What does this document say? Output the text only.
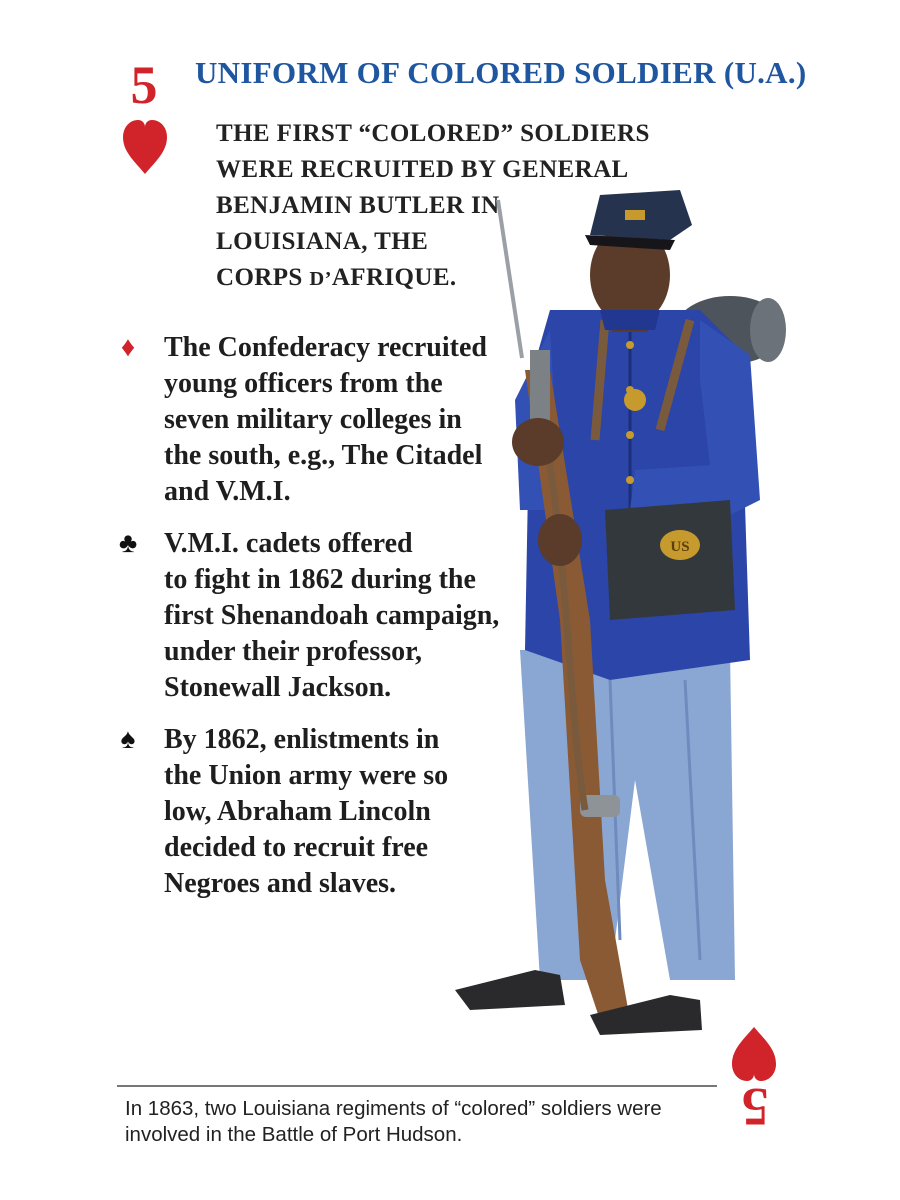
5
5
UNIFORM OF COLORED SOLDIER (U.A.)
THE FIRST “COLORED” SOLDIERS
WERE RECRUITED BY GENERAL
BENJAMIN BUTLER IN
LOUISIANA, THE
CORPS D’AFRIQUE.
♦ The Confederacy recruited
young officers from the
seven military colleges in
the south, e.g., The Citadel
and V.M.I.
♣ V.M.I. cadets offered
to fight in 1862 during the
first Shenandoah campaign,
under their professor,
Stonewall Jackson.
♠ By 1862, enlistments in
the Union army were so
low, Abraham Lincoln
decided to recruit free
Negroes and slaves.
US
In 1863, two Louisiana regiments of “colored” soldiers were
involved in the Battle of Port Hudson.
